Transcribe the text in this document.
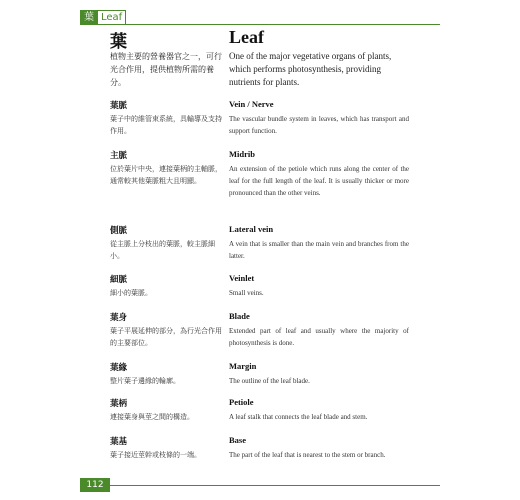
葉 Leaf
葉	Leaf
植物主要的營養器官之一，可行光合作用，提供植物所需的養分。
One of the major vegetative organs of plants, which performs photosynthesis, providing nutrients for plants.
葉脈
葉子中的維管束系統，具輸導及支持作用。
Vein / Nerve
The vascular bundle system in leaves, which has transport and support function.
主脈
位於葉片中央，連接葉柄的主軸脈，通常較其他葉脈粗大且明顯。
Midrib
An extension of the petiole which runs along the center of the leaf for the full length of the leaf. It is usually thicker or more pronounced than the other veins.
側脈
從主脈上分枝出的葉脈，較主脈細小。
Lateral vein
A vein that is smaller than the main vein and branches from the latter.
細脈
細小的葉脈。
Veinlet
Small veins.
葉身
葉子平展延伸的部分，為行光合作用的主要部位。
Blade
Extended part of leaf and usually where the majority of photosynthesis is done.
葉緣
整片葉子邊緣的輪廓。
Margin
The outline of the leaf blade.
葉柄
連接葉身與莖之間的構造。
Petiole
A leaf stalk that connects the leaf blade and stem.
葉基
葉子接近莖幹或枝條的一端。
Base
The part of the leaf that is nearest to the stem or branch.
112
